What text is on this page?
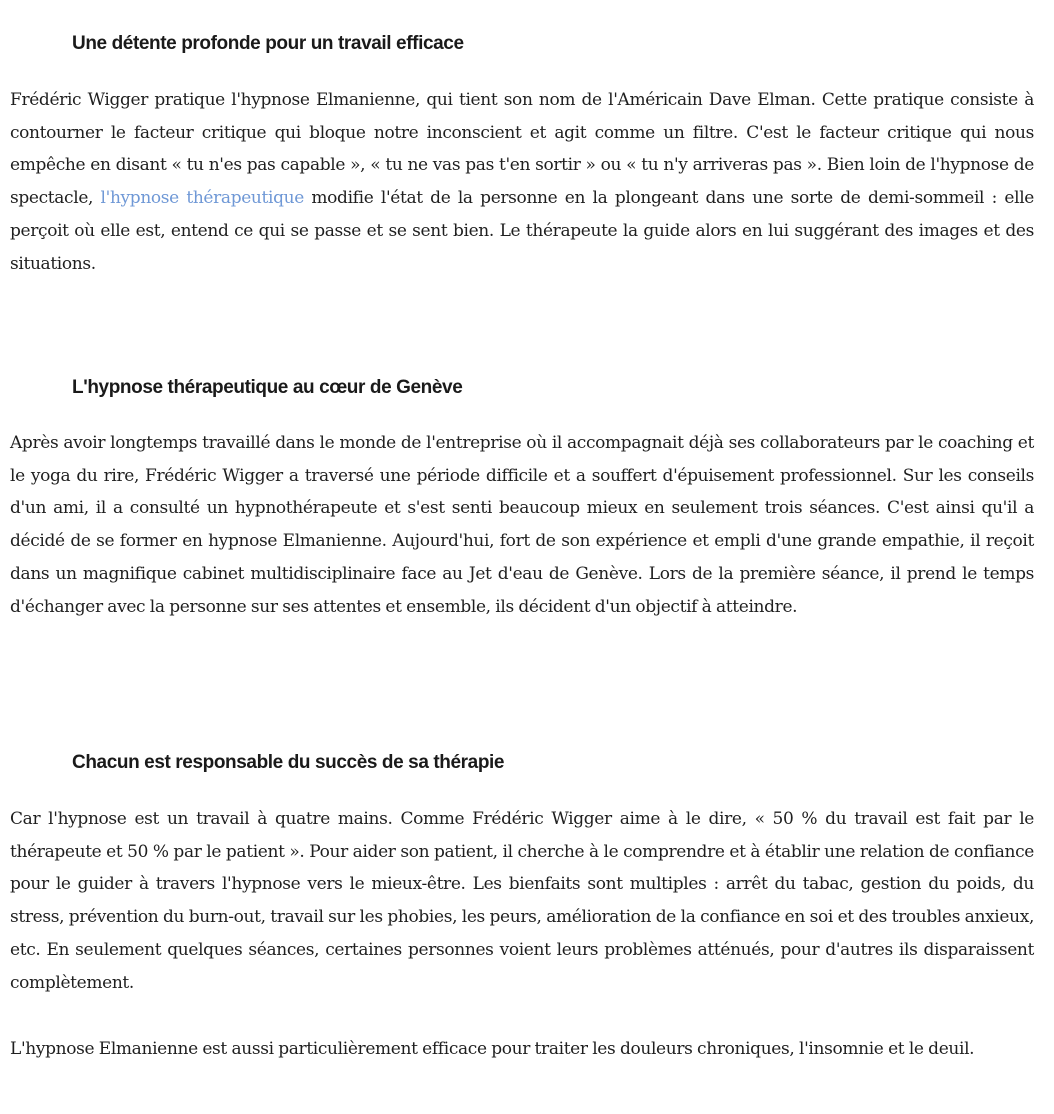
Une détente profonde pour un travail efficace

Frédéric Wigger pratique l'hypnose Elmanienne, qui tient son nom de l'Américain Dave Elman. Cette pratique consiste à contourner le facteur critique qui bloque notre inconscient et agit comme un filtre. C'est le facteur critique qui nous empêche en disant « tu n'es pas capable », « tu ne vas pas t'en sortir » ou « tu n'y arriveras pas ». Bien loin de l'hypnose de spectacle, l'hypnose thérapeutique modifie l'état de la personne en la plongeant dans une sorte de demi-sommeil : elle perçoit où elle est, entend ce qui se passe et se sent bien. Le thérapeute la guide alors en lui suggérant des images et des situations.

L'hypnose thérapeutique au cœur de Genève

Après avoir longtemps travaillé dans le monde de l'entreprise où il accompagnait déjà ses collaborateurs par le coaching et le yoga du rire, Frédéric Wigger a traversé une période difficile et a souffert d'épuisement professionnel. Sur les conseils d'un ami, il a consulté un hypnothérapeute et s'est senti beaucoup mieux en seulement trois séances. C'est ainsi qu'il a décidé de se former en hypnose Elmanienne. Aujourd'hui, fort de son expérience et empli d'une grande empathie, il reçoit dans un magnifique cabinet multidisciplinaire face au Jet d'eau de Genève. Lors de la première séance, il prend le temps d'échanger avec la personne sur ses attentes et ensemble, ils décident d'un objectif à atteindre.

Chacun est responsable du succès de sa thérapie

Car l'hypnose est un travail à quatre mains. Comme Frédéric Wigger aime à le dire, « 50 % du travail est fait par le thérapeute et 50 % par le patient ». Pour aider son patient, il cherche à le comprendre et à établir une relation de confiance pour le guider à travers l'hypnose vers le mieux-être. Les bienfaits sont multiples : arrêt du tabac, gestion du poids, du stress, prévention du burn-out, travail sur les phobies, les peurs, amélioration de la confiance en soi et des troubles anxieux, etc. En seulement quelques séances, certaines personnes voient leurs problèmes atténués, pour d'autres ils disparaissent complètement.

L'hypnose Elmanienne est aussi particulièrement efficace pour traiter les douleurs chroniques, l'insomnie et le deuil.
